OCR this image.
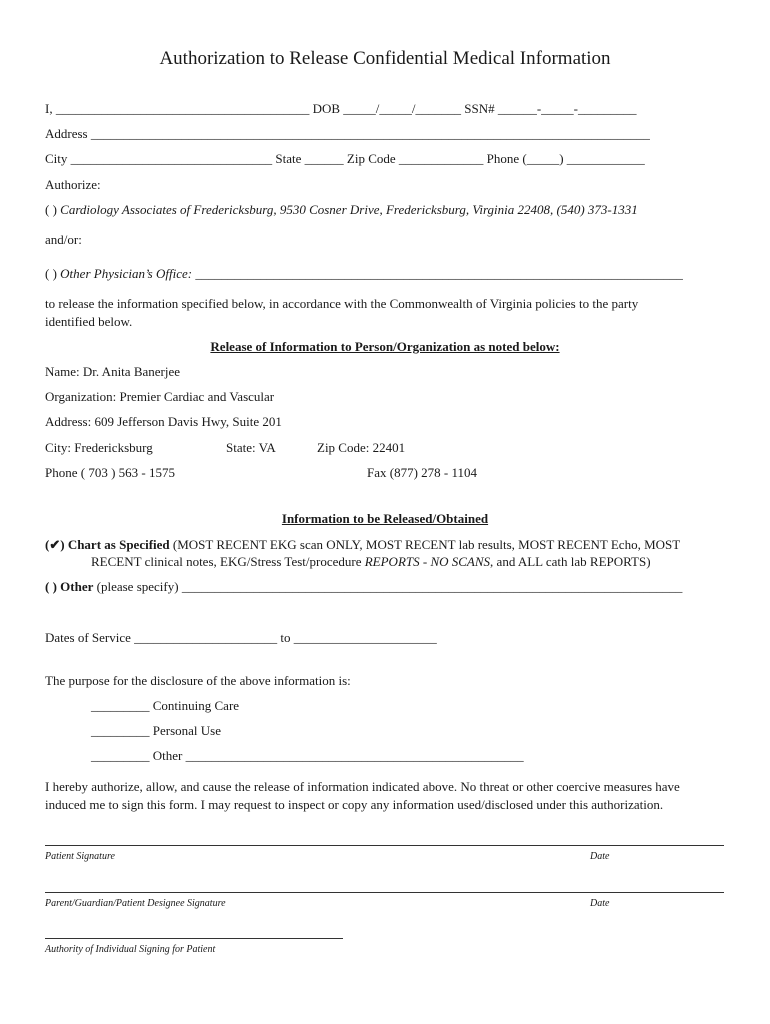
Authorization to Release Confidential Medical Information
I, _______________________________________ DOB _____/_____/_______ SSN# ______-_____-_________
Address ______________________________________________________________________________________
City _______________________________ State ______ Zip Code _____________ Phone (_____) ____________
Authorize:
( ) Cardiology Associates of Fredericksburg, 9530 Cosner Drive, Fredericksburg, Virginia 22408, (540) 373-1331
and/or:
( ) Other Physician’s Office: ___________________________________________________________________________
to release the information specified below, in accordance with the Commonwealth of Virginia policies to the party
identified below.
Release of Information to Person/Organization as noted below:
Name: Dr. Anita Banerjee
Organization: Premier Cardiac and Vascular
Address: 609 Jefferson Davis Hwy, Suite 201
City: Fredericksburg	State: VA	Zip Code: 22401
Phone ( 703 ) 563 - 1575	Fax (877) 278 - 1104
Information to be Released/Obtained
(✔) Chart as Specified (MOST RECENT EKG scan ONLY, MOST RECENT lab results, MOST RECENT Echo, MOST
RECENT clinical notes, EKG/Stress Test/procedure REPORTS - NO SCANS, and ALL cath lab REPORTS)
( ) Other (please specify) _____________________________________________________________________________
Dates of Service ______________________ to ______________________
The purpose for the disclosure of the above information is:
_________ Continuing Care
_________ Personal Use
_________ Other ____________________________________________________
I hereby authorize, allow, and cause the release of information indicated above. No threat or other coercive measures have
induced me to sign this form. I may request to inspect or copy any information used/disclosed under this authorization.
Patient Signature	Date
Parent/Guardian/Patient Designee Signature	Date
Authority of Individual Signing for Patient
